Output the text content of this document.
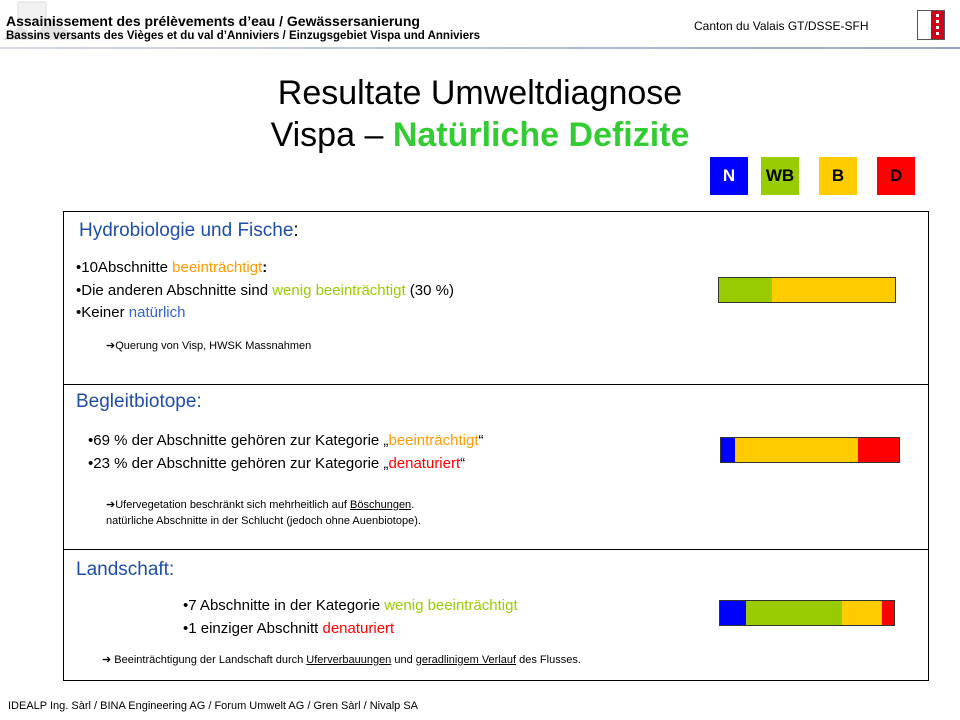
Assainissement des prélèvements d’eau / Gewässersanierung
Bassins versants des Vièges et du val d’Anniviers / Einzugsgebiet Vispa und Anniviers
Canton du Valais GT/DSSE-SFH
Resultate Umweltdiagnose
Vispa – Natürliche Defizite
N WB B	D
Hydrobiologie und Fische:
•10Abschnitte beeinträchtigt:
•Die anderen Abschnitte sind wenig beeinträchtigt (30 %)
•Keiner natürlich
➔Querung von Visp, HWSK Massnahmen
Begleitbiotope:
•69 % der Abschnitte gehören zur Kategorie „beeinträchtigt“
•23 % der Abschnitte gehören zur Kategorie „denaturiert“
➔Ufervegetation beschränkt sich mehrheitlich auf Böschungen.
natürliche Abschnitte in der Schlucht (jedoch ohne Auenbiotope).
Landschaft:
•7 Abschnitte in der Kategorie wenig beeinträchtigt
•1 einziger Abschnitt denaturiert
➔ Beeinträchtigung der Landschaft durch Uferverbauungen und geradlinigem Verlauf des Flusses.
IDEALP Ing. Sàrl / BINA Engineering AG / Forum Umwelt AG / Gren Sàrl / Nivalp SA
